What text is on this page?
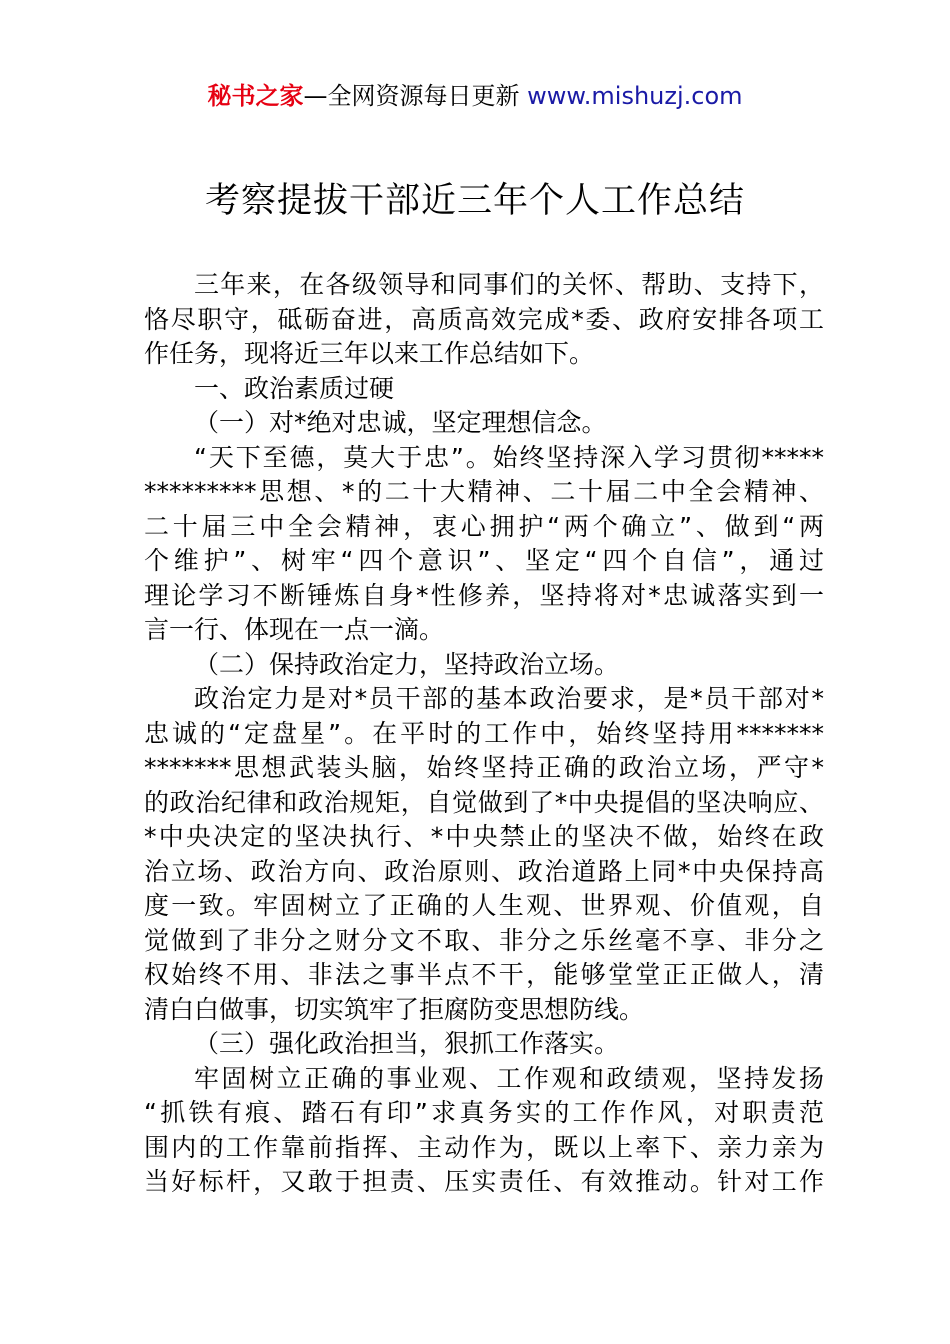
秘书之家—全网资源每日更新 www.mishuzj.com
考察提拔干部近三年个人工作总结
三年来，在各级领导和同事们的关怀、帮助、支持下，
恪尽职守，砥砺奋进，高质高效完成*委、政府安排各项工
作任务，现将近三年以来工作总结如下。
一、政治素质过硬
（一）对*绝对忠诚，坚定理想信念。
“天下至德，莫大于忠”。始终坚持深入学习贯彻*****
*********思想、*的二十大精神、二十届二中全会精神、
二十届三中全会精神，衷心拥护“两个确立”、做到“两
个维护”、树牢“四个意识”、坚定“四个自信”，通过
理论学习不断锤炼自身*性修养，坚持将对*忠诚落实到一
言一行、体现在一点一滴。
（二）保持政治定力，坚持政治立场。
政治定力是对*员干部的基本政治要求，是*员干部对*
忠诚的“定盘星”。在平时的工作中，始终坚持用*******
*******思想武装头脑，始终坚持正确的政治立场，严守*
的政治纪律和政治规矩，自觉做到了*中央提倡的坚决响应、
*中央决定的坚决执行、*中央禁止的坚决不做，始终在政
治立场、政治方向、政治原则、政治道路上同*中央保持高
度一致。牢固树立了正确的人生观、世界观、价值观，自
觉做到了非分之财分文不取、非分之乐丝毫不享、非分之
权始终不用、非法之事半点不干，能够堂堂正正做人，清
清白白做事，切实筑牢了拒腐防变思想防线。
（三）强化政治担当，狠抓工作落实。
牢固树立正确的事业观、工作观和政绩观，坚持发扬
“抓铁有痕、踏石有印”求真务实的工作作风，对职责范
围内的工作靠前指挥、主动作为，既以上率下、亲力亲为
当好标杆，又敢于担责、压实责任、有效推动。针对工作
